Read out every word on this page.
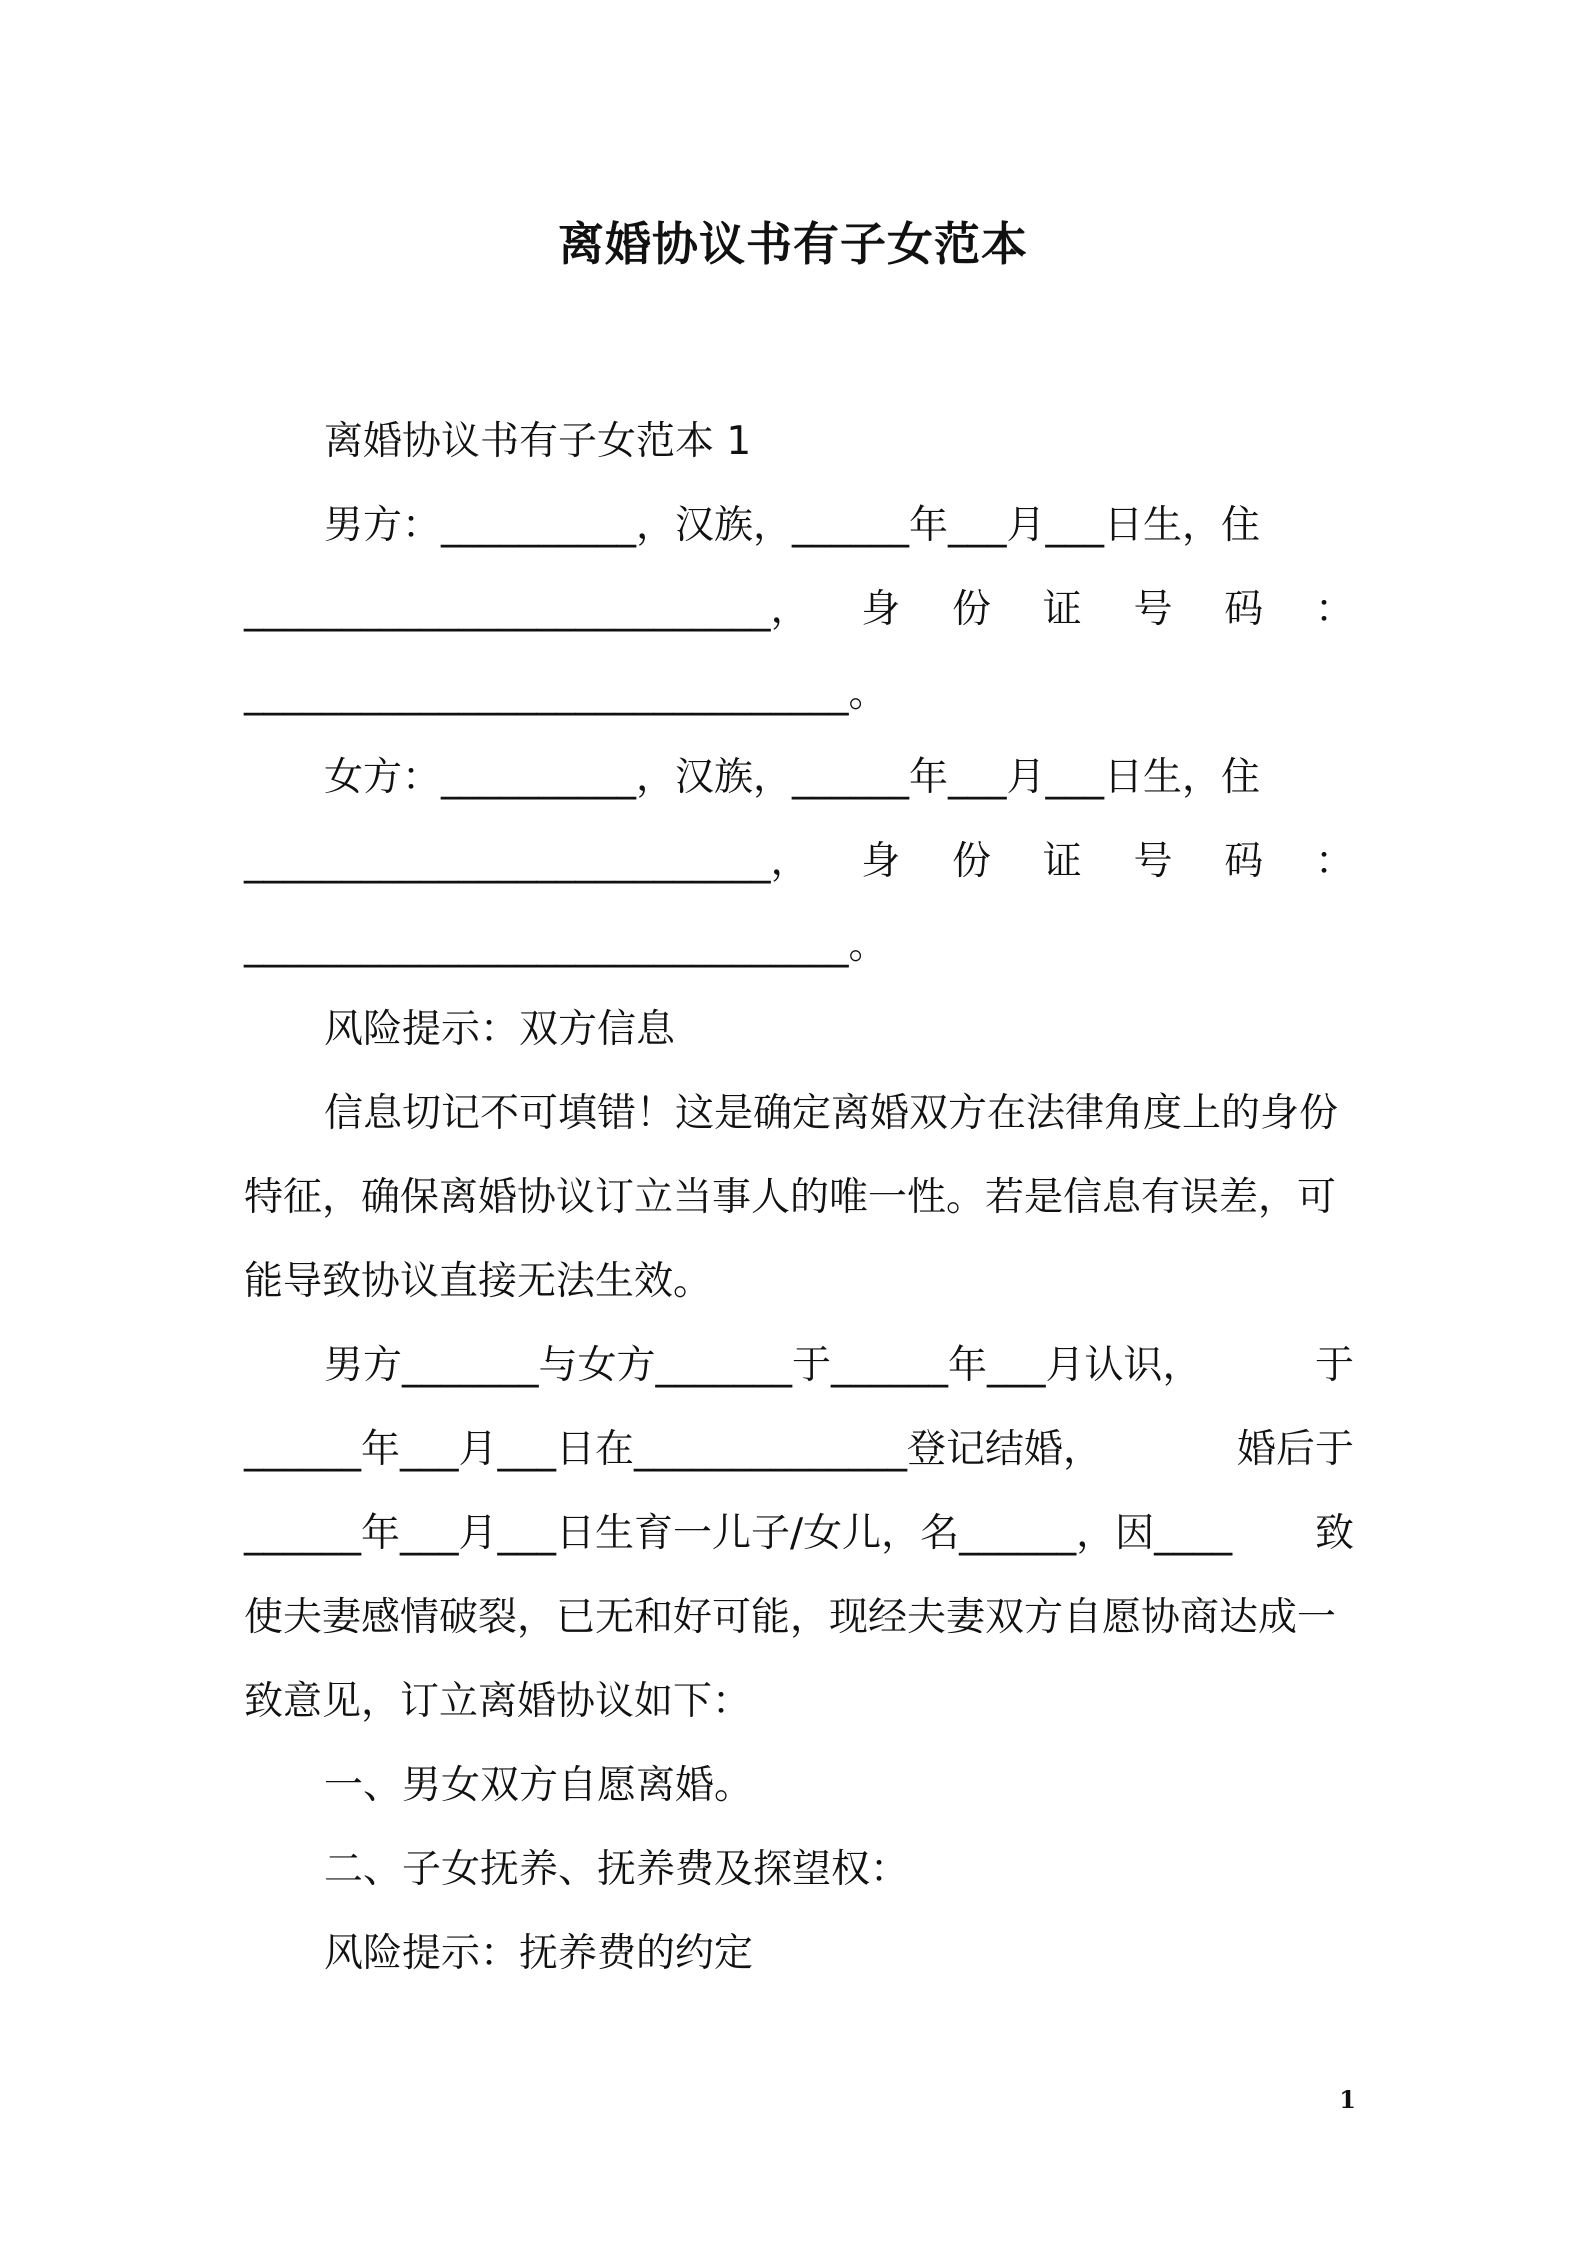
离婚协议书有子女范本
离婚协议书有子女范本 1
男方：__________，汉族，______年___月___日生，住
___________________________， 身 份 证 号 码 ：
_______________________________。
女方：__________，汉族，______年___月___日生，住
___________________________， 身 份 证 号 码 ：
_______________________________。
风险提示：双方信息
信息切记不可填错！这是确定离婚双方在法律角度上的身份
特征，确保离婚协议订立当事人的唯一性。若是信息有误差，可
能导致协议直接无法生效。
男方_______与女方_______于______年___月认识，	于
______年___月___日在______________登记结婚，	婚后于
______年___月___日生育一儿子/女儿，名______，因____ 致
使夫妻感情破裂，已无和好可能，现经夫妻双方自愿协商达成一
致意见，订立离婚协议如下：
一、男女双方自愿离婚。
二、子女抚养、抚养费及探望权：
风险提示：抚养费的约定
1
